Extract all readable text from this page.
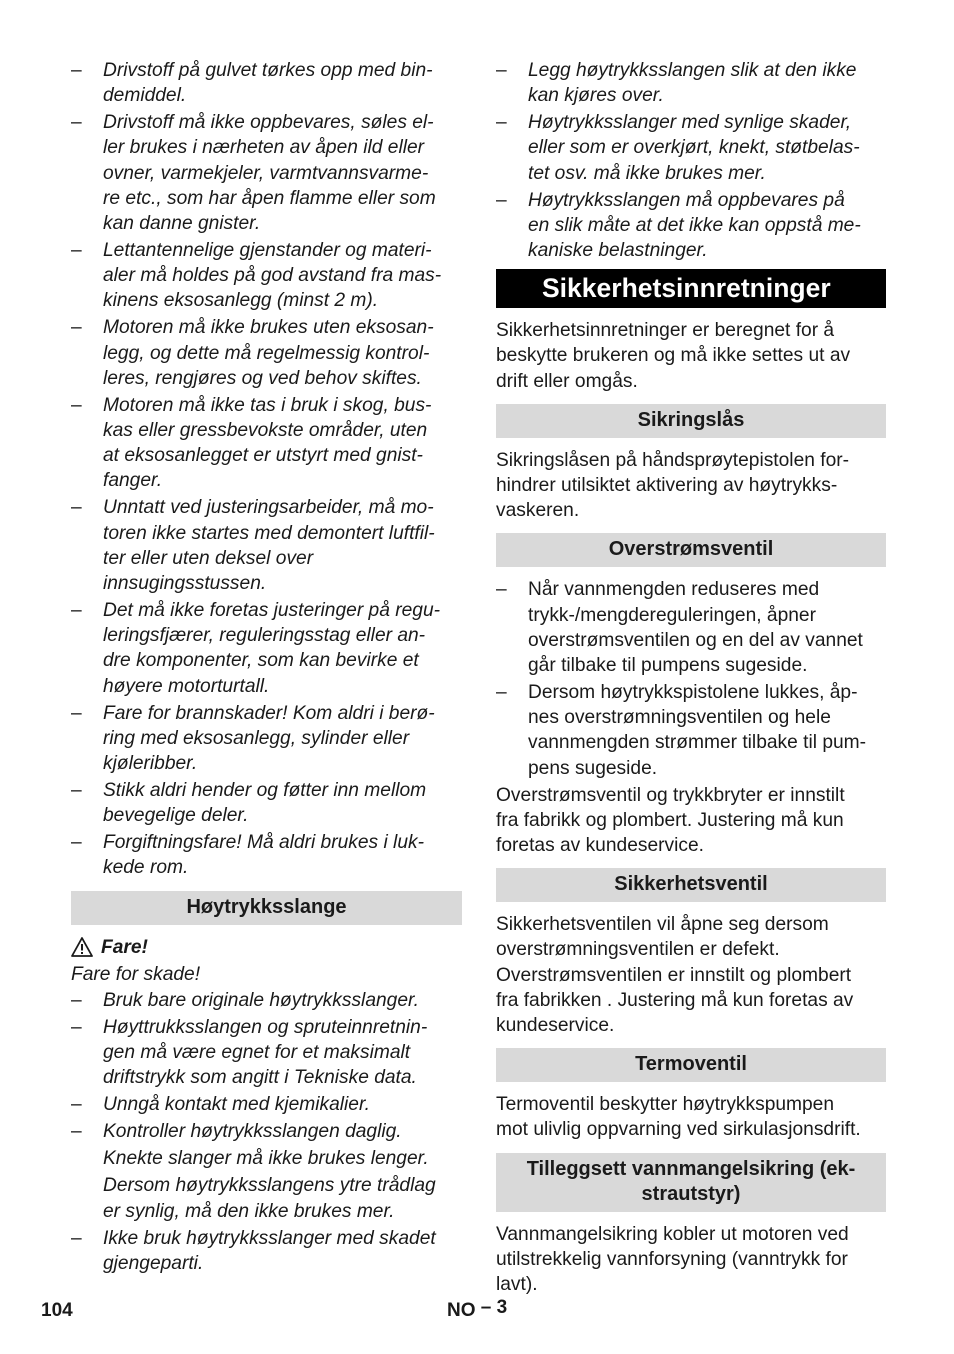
–	Drivstoff på gulvet tørkes opp med bin-
demiddel.
–	Drivstoff må ikke oppbevares, søles el-
ler brukes i nærheten av åpen ild eller
ovner, varmekjeler, varmtvannsvarme-
re etc., som har åpen flamme eller som
kan danne gnister.
–	Lettantennelige gjenstander og materi-
aler må holdes på god avstand fra mas-
kinens eksosanlegg (minst 2 m).
–	Motoren må ikke brukes uten eksosan-
legg, og dette må regelmessig kontrol-
leres, rengjøres og ved behov skiftes.
–	Motoren må ikke tas i bruk i skog, bus-
kas eller gressbevokste områder, uten
at eksosanlegget er utstyrt med gnist-
fanger.
–	Unntatt ved justeringsarbeider, må mo-
toren ikke startes med demontert luftfil-
ter eller uten deksel over
innsugingsstussen.
–	Det må ikke foretas justeringer på regu-
leringsfjærer, reguleringsstag eller an-
dre komponenter, som kan bevirke et
høyere motorturtall.
–	Fare for brannskader! Kom aldri i berø-
ring med eksosanlegg, sylinder eller
kjøleribber.
–	Stikk aldri hender og føtter inn mellom
bevegelige deler.
–	Forgiftningsfare! Må aldri brukes i luk-
kede rom.
Høytrykksslange
Fare!
Fare for skade!
–	Bruk bare originale høytrykksslanger.
–	Høyttrukksslangen og spruteinnretnin-
gen må være egnet for et maksimalt
driftstrykk som angitt i Tekniske data.
–	Unngå kontakt med kjemikalier.
–	Kontroller høytrykksslangen daglig.
Knekte slanger må ikke brukes lenger.
Dersom høytrykksslangens ytre trådlag
er synlig, må den ikke brukes mer.
–	Ikke bruk høytrykksslanger med skadet
gjengeparti.
–	Legg høytrykksslangen slik at den ikke
kan kjøres over.
–	Høytrykksslanger med synlige skader,
eller som er overkjørt, knekt, støtbelas-
tet osv. må ikke brukes mer.
–	Høytrykksslangen må oppbevares på
en slik måte at det ikke kan oppstå me-
kaniske belastninger.
Sikkerhetsinnretninger
Sikkerhetsinnretninger er beregnet for å
beskytte brukeren og må ikke settes ut av
drift eller omgås.
Sikringslås
Sikringslåsen på håndsprøytepistolen for-
hindrer utilsiktet aktivering av høytrykks-
vaskeren.
Overstrømsventil
–	Når vannmengden reduseres med
trykk-/mengdereguleringen, åpner
overstrømsventilen og en del av vannet
går tilbake til pumpens sugeside.
–	Dersom høytrykkspistolene lukkes, åp-
nes overstrømningsventilen og hele
vannmengden strømmer tilbake til pum-
pens sugeside.
Overstrømsventil og trykkbryter er innstilt
fra fabrikk og plombert. Justering må kun
foretas av kundeservice.
Sikkerhetsventil
Sikkerhetsventilen vil åpne seg dersom
overstrømningsventilen er defekt.
Overstrømsventilen er innstilt og plombert
fra fabrikken . Justering må kun foretas av
kundeservice.
Termoventil
Termoventil beskytter høytrykkspumpen
mot ulivlig oppvarning ved sirkulasjonsdrift.
Tilleggsett vannmangelsikring (ek-
strautstyr)
Vannmangelsikring kobler ut motoren ved
utilstrekkelig vannforsyning (vanntrykk for
lavt).
104	NO – 3
